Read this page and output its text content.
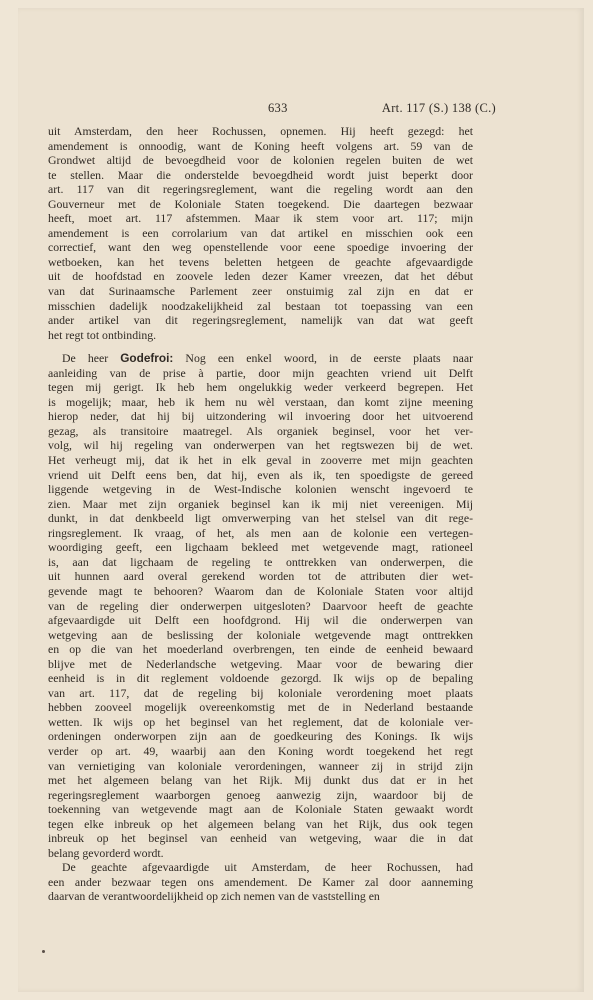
633	Art. 117 (S.) 138 (C.)

uit Amsterdam, den heer Rochussen, opnemen. Hij heeft gezegd: het
amendement is onnoodig, want de Koning heeft volgens art. 59 van de
Grondwet altijd de bevoegdheid voor de kolonien regelen buiten de wet
te stellen. Maar die onderstelde bevoegdheid wordt juist beperkt door
art. 117 van dit regeringsreglement, want die regeling wordt aan den
Gouverneur met de Koloniale Staten toegekend. Die daartegen bezwaar
heeft, moet art. 117 afstemmen. Maar ik stem voor art. 117; mijn
amendement is een corrolarium van dat artikel en misschien ook een
correctief, want den weg openstellende voor eene spoedige invoering der
wetboeken, kan het tevens beletten hetgeen de geachte afgevaardigde
uit de hoofdstad en zoovele leden dezer Kamer vreezen, dat het début
van dat Surinaamsche Parlement zeer onstuimig zal zijn en dat er
misschien dadelijk noodzakelijkheid zal bestaan tot toepassing van een
ander artikel van dit regeringsreglement, namelijk van dat wat geeft
het regt tot ontbinding.

De heer Godefroi: Nog een enkel woord, in de eerste plaats naar
aanleiding van de prise à partie, door mijn geachten vriend uit Delft
tegen mij gerigt. Ik heb hem ongelukkig weder verkeerd begrepen. Het
is mogelijk; maar, heb ik hem nu wèl verstaan, dan komt zijne meening
hierop neder, dat hij bij uitzondering wil invoering door het uitvoerend
gezag, als transitoire maatregel. Als organiek beginsel, voor het ver-
volg, wil hij regeling van onderwerpen van het regtswezen bij de wet.
Het verheugt mij, dat ik het in elk geval in zooverre met mijn geachten
vriend uit Delft eens ben, dat hij, even als ik, ten spoedigste de gereed
liggende wetgeving in de West-Indische kolonien wenscht ingevoerd te
zien. Maar met zijn organiek beginsel kan ik mij niet vereenigen. Mij
dunkt, in dat denkbeeld ligt omverwerping van het stelsel van dit rege-
ringsreglement. Ik vraag, of het, als men aan de kolonie een vertegen-
woordiging geeft, een ligchaam bekleed met wetgevende magt, rationeel
is, aan dat ligchaam de regeling te onttrekken van onderwerpen, die
uit hunnen aard overal gerekend worden tot de attributen dier wet-
gevende magt te behooren? Waarom dan de Koloniale Staten voor altijd
van de regeling dier onderwerpen uitgesloten? Daarvoor heeft de geachte
afgevaardigde uit Delft een hoofdgrond. Hij wil die onderwerpen van
wetgeving aan de beslissing der koloniale wetgevende magt onttrekken
en op die van het moederland overbrengen, ten einde de eenheid bewaard
blijve met de Nederlandsche wetgeving. Maar voor de bewaring dier
eenheid is in dit reglement voldoende gezorgd. Ik wijs op de bepaling
van art. 117, dat de regeling bij koloniale verordening moet plaats
hebben zooveel mogelijk overeenkomstig met de in Nederland bestaande
wetten. Ik wijs op het beginsel van het reglement, dat de koloniale ver-
ordeningen onderworpen zijn aan de goedkeuring des Konings. Ik wijs
verder op art. 49, waarbij aan den Koning wordt toegekend het regt
van vernietiging van koloniale verordeningen, wanneer zij in strijd zijn
met het algemeen belang van het Rijk. Mij dunkt dus dat er in het
regeringsreglement waarborgen genoeg aanwezig zijn, waardoor bij de
toekenning van wetgevende magt aan de Koloniale Staten gewaakt wordt
tegen elke inbreuk op het algemeen belang van het Rijk, dus ook tegen
inbreuk op het beginsel van eenheid van wetgeving, waar die in dat
belang gevorderd wordt.

De geachte afgevaardigde uit Amsterdam, de heer Rochussen, had
een ander bezwaar tegen ons amendement. De Kamer zal door aanneming
daarvan de verantwoordelijkheid op zich nemen van de vaststelling en
